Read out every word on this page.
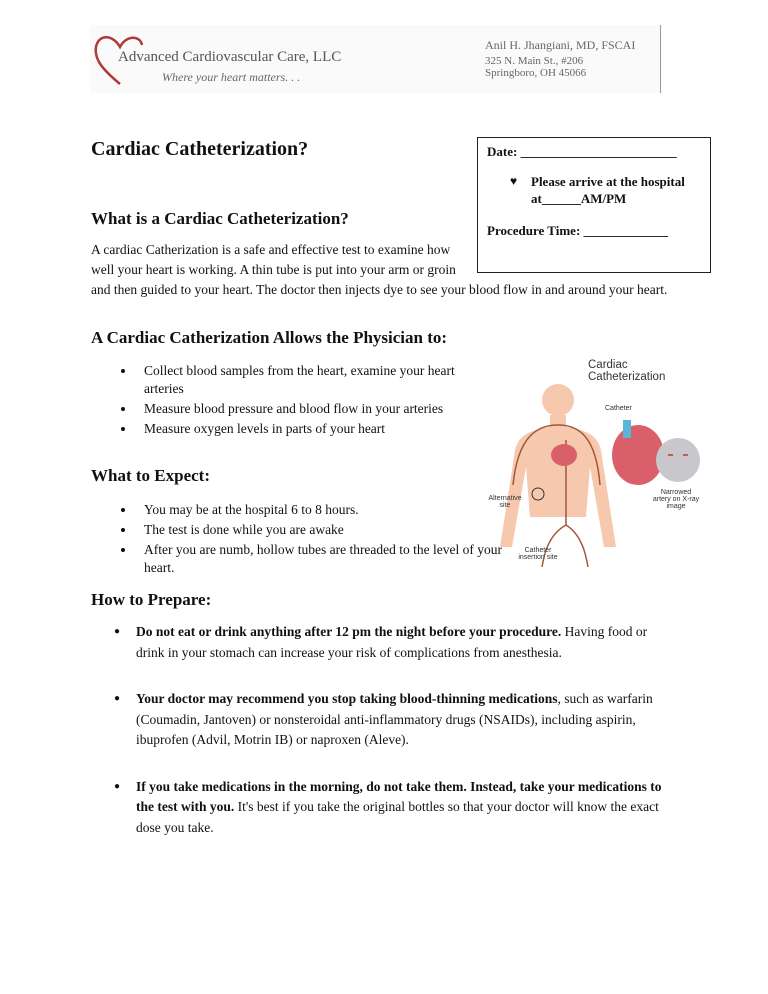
Advanced Cardiovascular Care, LLC
Where your heart matters. . .
Anil H. Jhangiani, MD, FSCAI
325 N. Main St., #206
Springboro, OH 45066
Cardiac Catheterization?	Date: ________________________
♥ Please arrive at the hospital at______AM/PM
Procedure Time: _____________
What is a Cardiac Catheterization?

A cardiac Catherization is a safe and effective test to examine how well your heart is working. A thin tube is put into your arm or groin and then guided to your heart. The doctor then injects dye to see your blood flow in and around your heart.

A Cardiac Catherization Allows the Physician to:
• Collect blood samples from the heart, examine your heart arteries
• Measure blood pressure and blood flow in your arteries
• Measure oxygen levels in parts of your heart
Cardiac Catheterization
Catheter
Alternative site
Catheter insertion site
Narrowed artery on X-ray image
What to Expect:
• You may be at the hospital 6 to 8 hours.
• The test is done while you are awake
• After you are numb, hollow tubes are threaded to the level of your heart.
How to Prepare:
● Do not eat or drink anything after 12 pm the night before your procedure. Having food or drink in your stomach can increase your risk of complications from anesthesia.
● Your doctor may recommend you stop taking blood-thinning medications, such as warfarin (Coumadin, Jantoven) or nonsteroidal anti-inflammatory drugs (NSAIDs), including aspirin, ibuprofen (Advil, Motrin IB) or naproxen (Aleve).
● If you take medications in the morning, do not take them. Instead, take your medications to the test with you. It's best if you take the original bottles so that your doctor will know the exact dose you take.
